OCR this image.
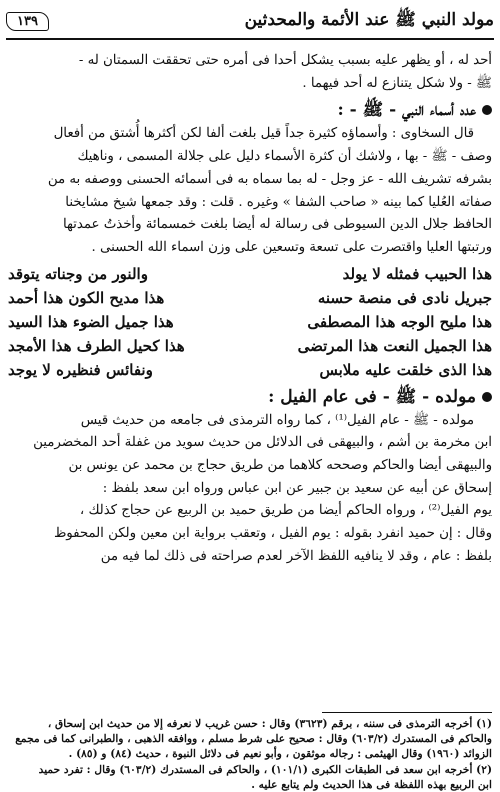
مولد النبي ﷺ عند الأئمة والمحدثين
١٣٩

أحد له ، أو يظهر عليه بسبب يشكل أحدا فى أمره حتى تحققت السمتان له -

ﷺ - ولا شكل يتنازع له أحد فيهما .

عدد أسماء النبي - ﷺ - :

قال السخاوى : وأسماؤه كثيرة جداً قيل بلغت ألفا لكن أكثرها أُشتق من أفعال

وصف - ﷺ - بها ، ولاشك أن كثرة الأسماء دليل على جلالة المسمى ، وناهيك

بشرفه تشريف الله - عز وجل - له بما سماه به فى أسمائه الحسنى ووصفه به من

صفاته العُليا كما بينه « صاحب الشفا » وغيره . قلت : وقد جمعها شيخ مشايخنا

الحافظ جلال الدين السيوطى فى رسالة له أيضا بلغت خمسمائة وأخذتُ عمدتها

ورتبتها العليا واقتصرت على تسعة وتسعين على وزن اسماء الله الحسنى .

هذا الحبيب فمثله لا يولد
والنور من وجناته يتوقد
جبريل نادى فى منصة حسنه
هذا مديح الكون هذا أحمد
هذا مليح الوجه هذا المصطفى
هذا جميل الضوء هذا السيد
هذا الجميل النعت هذا المرتضى
هذا كحيل الطرف هذا الأمجد
هذا الذى خلقت عليه ملابس
ونفائس فنظيره لا يوجد
مولده - ﷺ - فى عام الفيل :

مولده - ﷺ - عام الفيل⁽¹⁾ ، كما رواه الترمذى فى جامعه من حديث قيس

ابن مخرمة بن أشم ، والبيهقى فى الدلائل من حديث سويد من غفلة أحد المخضرمين

والبيهقى أيضا والحاكم وصححه كلاهما من طريق حجاج بن محمد عن يونس بن

إسحاق عن أبيه عن سعيد بن جبير عن ابن عباس ورواه ابن سعد بلفظ :

يوم الفيل⁽²⁾ ، ورواه الحاكم أيضا من طريق حميد بن الربيع عن حجاج كذلك ،

وقال : إن حميد انفرد بقوله : يوم الفيل ، وتعقب برواية ابن معين ولكن المحفوظ

بلفظ : عام ، وقد لا ينافيه اللفظ الآخر لعدم صراحته فى ذلك لما فيه من

(١) أخرجه الترمذى فى سننه ، برقم (٣٦٢٣) وقال : حسن غريب لا نعرفه إلا من حديث ابن إسحاق ،

والحاكم فى المستدرك (٦٠٣/٢) وقال : صحيح على شرط مسلم ، ووافقه الذهبى ، والطبرانى كما فى مجمع

الزوائد (١٩٦٠) وقال الهيثمى : رجاله موثقون ، وأبو نعيم فى دلائل النبوة ، حديث (٨٤) و (٨٥) .

(٢) أخرجه ابن سعد فى الطبقات الكبرى (١٠١/١) ، والحاكم فى المستدرك (٦٠٣/٢) وقال : تفرد حميد

ابن الربيع بهذه اللفظة فى هذا الحديث ولم يتابع عليه .
